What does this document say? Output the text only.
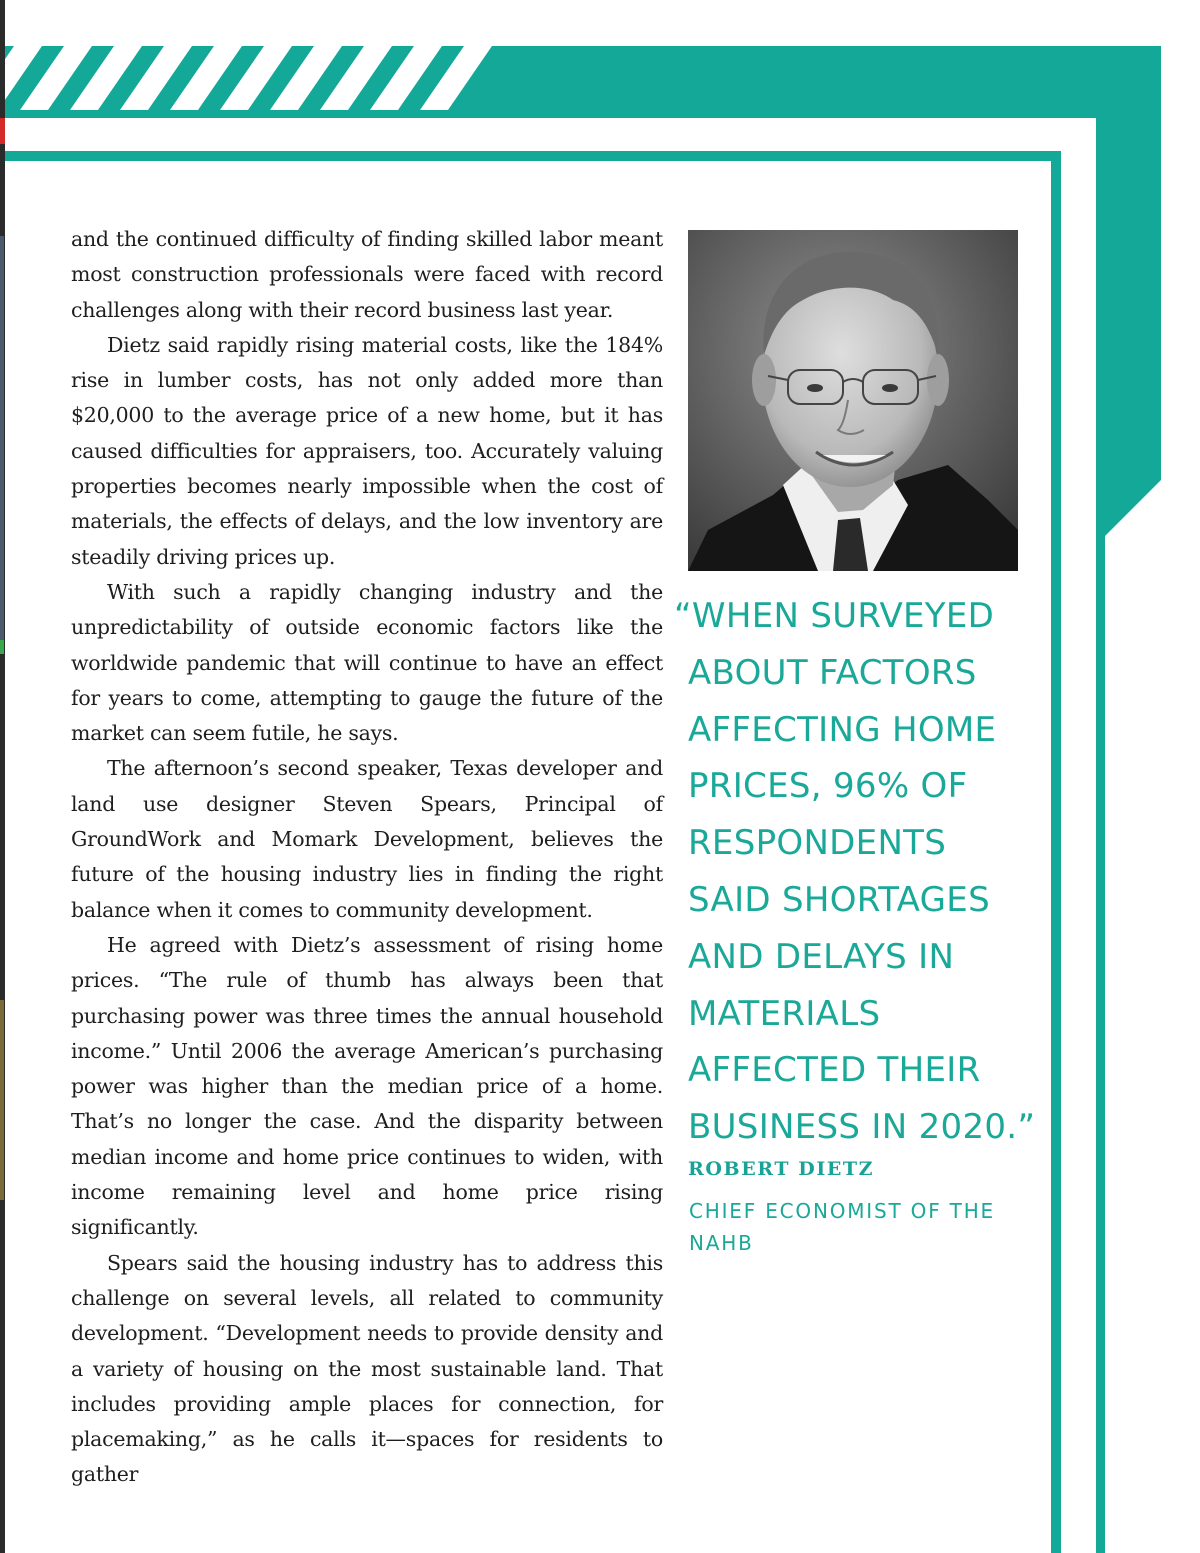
and the continued difficulty of finding skilled labor meant most construction professionals were faced with record challenges along with their record business last year.

Dietz said rapidly rising material costs, like the 184% rise in lumber costs, has not only added more than $20,000 to the average price of a new home, but it has caused difficulties for appraisers, too. Accurately valuing properties becomes nearly impossible when the cost of materials, the effects of delays, and the low inventory are steadily driving prices up.

With such a rapidly changing industry and the unpredictability of outside economic factors like the worldwide pandemic that will continue to have an effect for years to come, attempting to gauge the future of the market can seem futile, he says.

The afternoon’s second speaker, Texas developer and land use designer Steven Spears, Principal of GroundWork and Momark Development, believes the future of the housing industry lies in finding the right balance when it comes to community development.

He agreed with Dietz’s assessment of rising home prices. “The rule of thumb has always been that purchasing power was three times the annual household income.” Until 2006 the average American’s purchasing power was higher than the median price of a home. That’s no longer the case. And the disparity between median income and home price continues to widen, with income remaining level and home price rising significantly.

Spears said the housing industry has to address this challenge on several levels, all related to community development. “Development needs to provide density and a variety of housing on the most sustainable land. That includes providing ample places for connection, for placemaking,” as he calls it—spaces for residents to gather

“WHEN SURVEYED ABOUT FACTORS AFFECTING HOME PRICES, 96% OF RESPONDENTS SAID SHORTAGES AND DELAYS IN MATERIALS AFFECTED THEIR BUSINESS IN 2020.”

ROBERT DIETZ

CHIEF ECONOMIST OF THE NAHB
